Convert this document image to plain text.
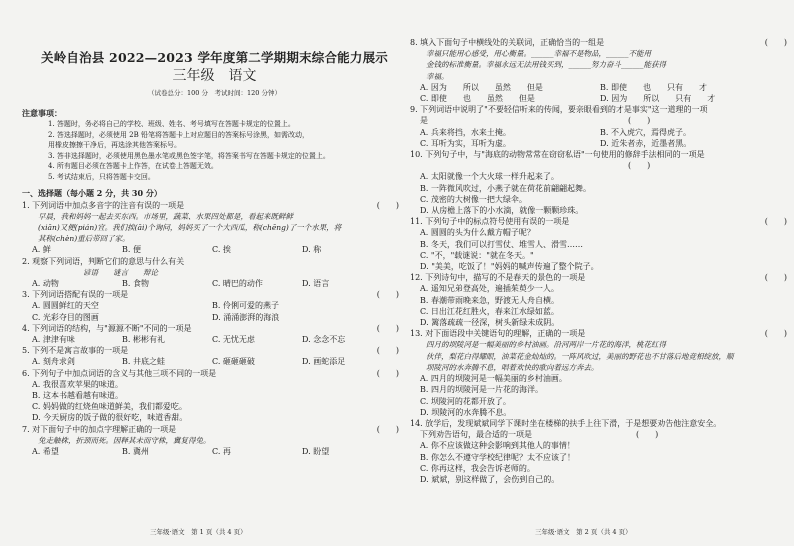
关岭自治县 2022—2023 学年度第二学期期末综合能力展示
三年级　语文
（试卷总分：100 分　考试时间：120 分钟）
注意事项：
1. 答题时，务必将自己的学校、班级、姓名、考号填写在答题卡规定的位置上。
2. 答选择题时，必须使用 2B 铅笔将答题卡上对应题目的答案标号涂黑，如需改动，
用橡皮擦擦干净后，再选涂其他答案标号。
3. 答非选择题时，必须使用黑色墨水笔或黑色签字笔，将答案书写在答题卡规定的位置上。
4. 所有题目必须在答题卡上作答，在试卷上答题无效。
5. 考试结束后，只将答题卡交回。
一、选择题（每小题 2 分，共 30 分）
1. 下列词语中加点多音字的注音有误的一项是	(　　)
早晨，我和妈妈一起去买东西。市场里，蔬菜、水果四处都是，看起来既鲜鲜
(xiān)又便(pián)宜。我们挨(āi)个询问，妈妈买了一个大西瓜，称(chēng)了一个水果，将
其称(chèn)重后带回了家。
A. 鲜	B. 便	C. 挨	D. 称
2. 观察下列词语，判断它们的意思与什么有关
　　　　　　谚语　　谜言　　辩论
A. 动物	B. 食物	C. 晴巴的动作	D. 语言
3. 下列词语搭配有误的一项是	(　　)
A. 圆圆鲜红的天空	B. 伶俐可爱的燕子
C. 光彩夺目的图画	D. 涌涌澎湃的海浪
4. 下列词语的结构，与"源源不断"不同的一项是	(　　)
A. 津津有味	B. 彬彬有礼	C. 无忧无虑	D. 念念不忘
5. 下列不是寓言故事的一项是	(　　)
A. 刻舟求剑	B. 井底之蛙	C. 砸砸砸破	D. 画蛇添足
6. 下列句子中加点词语的含义与其他三项不同的一项是	(　　)
A. 我很喜欢苹果的味道。
B. 这本书越看越有味道。
C. 妈妈做的红烧鱼味道鲜美，我们都爱吃。
D. 今天厨房的饭子做的很好吃，味道香甜。
7. 对下面句子中的加点字理解正确的一项是	(　　)
兔走触株，折颈而死。因释其未而守株，冀复得兔。
A. 希望	B. 冀州	C. 再	D. 盼望
8. 填入下面句子中横线处的关联词，正确恰当的一组是	(　　)
幸福只能用心感受，用心衡量。______幸福不是物品，______不能用
金钱的标准衡量。幸福永远无法用钱买到，______努力奋斗______能获得
幸福。
A. 因为　　所以　　虽然　　但是	B. 即使　　也　　只有　　才
C. 即使　　也　　虽然　　但是	D. 因为　　所以　　只有　　才
9. 下列词语中说明了"不要轻信听来的传闻，要亲眼看到的才是事实"这一道理的一项
是　　　　　　　　　　　　　　　　　　　　　　　　　(　　)
A. 兵来将挡，水来土掩。	B. 不入虎穴，焉得虎子。
C. 耳听为实，耳听为虚。	D. 近朱者赤，近墨者黑。
10. 下列句子中，与"海底的动物常常在窃窃私语"一句使用的修辞手法相同的一项是
　　　　　　　　　　　　　　　　　　　　　　　　　　(　　)
A. 太阳就像一个大火球一样升起来了。
B. 一阵微风吹过，小燕子就在荷花前翩翩起舞。
C. 茂密的大树像一把大绿伞。
D. 从房檐上落下的小水滴，就像一颗颗珍珠。
11. 下列句子中的标点符号使用有误的一项是	(　　)
A. 圆圆的头为什么戴方帽子呢？
B. 冬天，我们可以打雪仗、堆雪人、滑雪……
C. "不，"载谜说："就在冬天。"
D. "美美，吃饭了！"妈妈的喊声传遍了整个院子。
12. 下列诗句中，描写的不是春天的景色的一项是	(　　)
A. 遥知兄弟登高处，遍插茱萸少一人。
B. 春潮带雨晚来急，野渡无人舟自横。
C. 日出江花红胜火，春来江水绿如蓝。
D. 篱落疏疏一径深，树头新绿未成阴。
13. 对下面语段中关键语句的理解，正确的一项是	(　　)
四月的坝陵河是一幅美丽的乡村油画。沿河两岸一片花的海洋，桃花红得
伙伴，梨花白得耀眼，油菜花金灿灿的。一阵风吹过，美丽的野花也不甘落后地竞相绽放，顺
坝陵河的水奔腾不息，唱着欢快的歌向着远方奔去。
A. 四月的坝陵河是一幅美丽的乡村油画。
B. 四月的坝陵河是一片花的海洋。
C. 坝陵河的花都开放了。
D. 坝陵河的水奔腾不息。
14. 放学后，发现斌斌同学下课时坐在楼梯的扶手上往下滑，于是想要劝告他注意安全。
下列劝告语句，最合适的一项是　　　　　　　　　　　　　(　　)
A. 你不应该做这种会影响到其他人的事情！
B. 你怎么不遵守学校纪律呢？太不应该了！
C. 你再这样，我会告诉老师的。
D. 斌斌，别这样做了，会伤到自己的。
三年级·语文　第 1 页（共 4 页）	三年级·语文　第 2 页（共 4 页）
